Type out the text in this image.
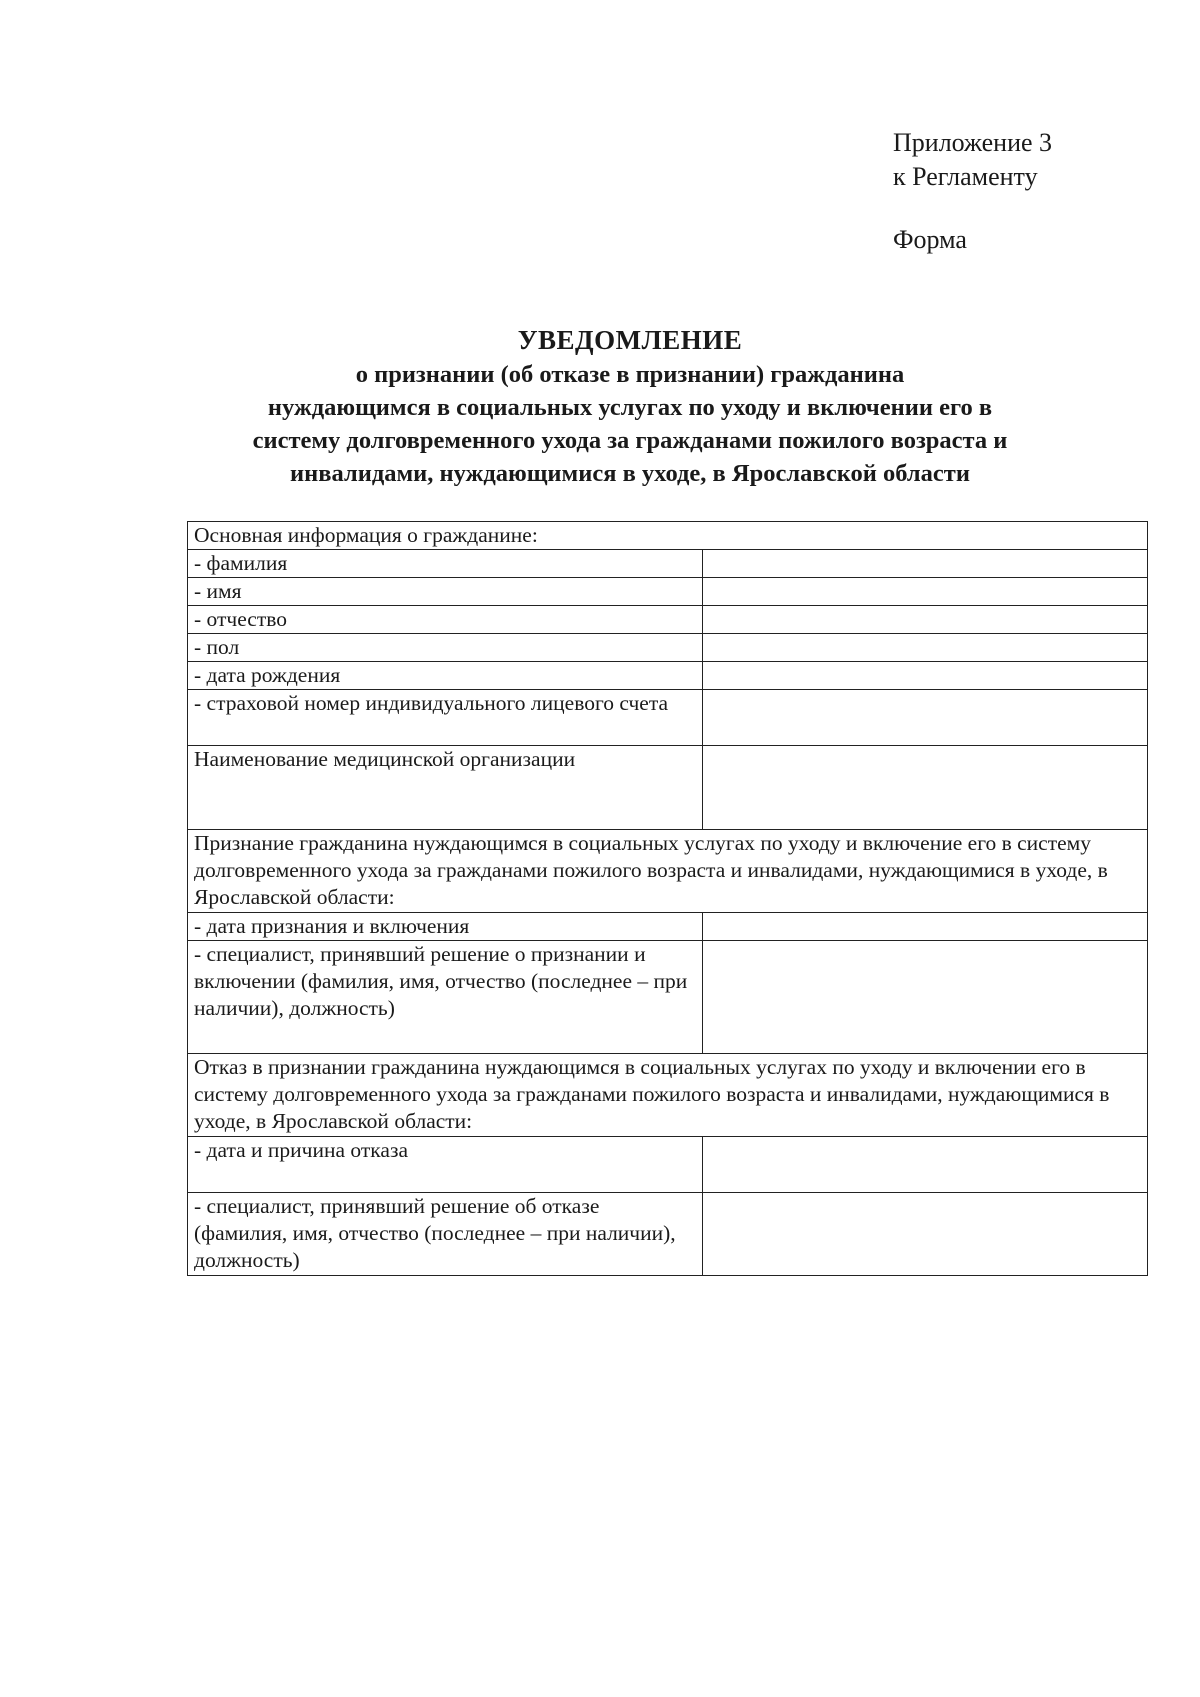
Приложение 3
к Регламенту
Форма
УВЕДОМЛЕНИЕ
о признании (об отказе в признании) гражданина
нуждающимся в социальных услугах по уходу и включении его в
систему долговременного ухода за гражданами пожилого возраста и
инвалидами, нуждающимися в уходе, в Ярославской области
Основная информация о гражданине:	
- фамилия	
- имя	
- отчество	
- пол	
- дата рождения	
- страховой номер индивидуального лицевого счета	
Наименование медицинской организации	
Признание гражданина нуждающимся в социальных услугах по уходу и включение его в систему долговременного ухода за гражданами пожилого возраста и инвалидами, нуждающимися в уходе, в Ярославской области:	
- дата признания и включения	
- специалист, принявший решение о признании и включении (фамилия, имя, отчество (последнее – при наличии), должность)	
Отказ в признании гражданина нуждающимся в социальных услугах по уходу и включении его в систему долговременного ухода за гражданами пожилого возраста и инвалидами, нуждающимися в уходе, в Ярославской области:	
- дата и причина отказа	
- специалист, принявший решение об отказе (фамилия, имя, отчество (последнее – при наличии), должность)	
